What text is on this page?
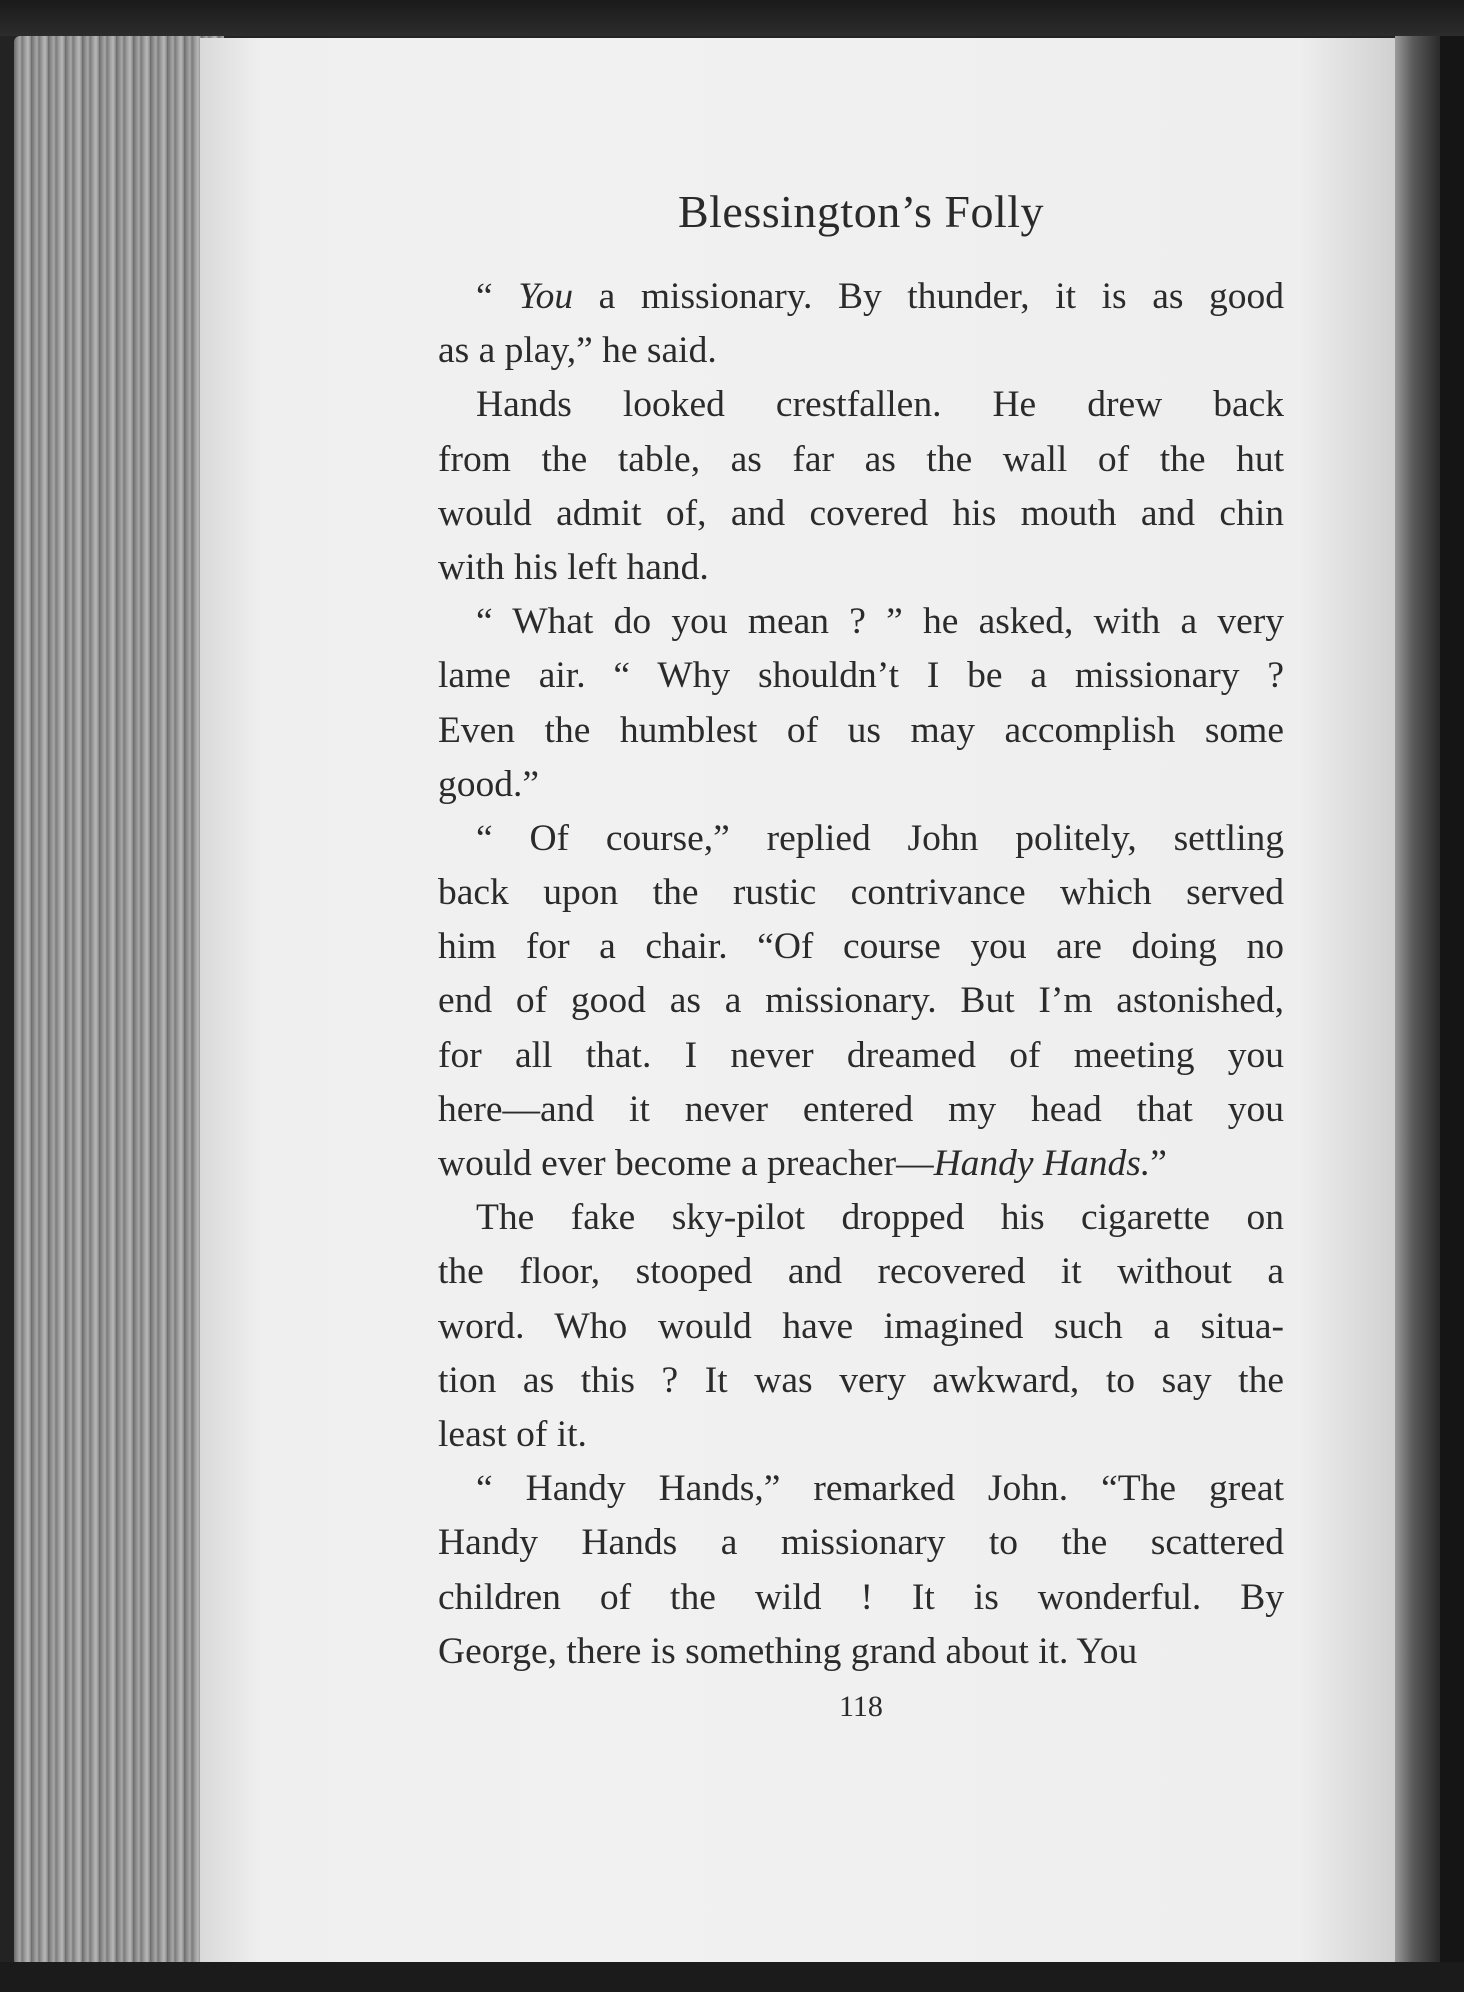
Blessington’s Folly
“ You a missionary. By thunder, it is as good
as a play,” he said.
Hands looked crestfallen. He drew back
from the table, as far as the wall of the hut
would admit of, and covered his mouth and chin
with his left hand.
“ What do you mean ? ” he asked, with a very
lame air. “ Why shouldn’t I be a missionary ?
Even the humblest of us may accomplish some
good.”
“ Of course,” replied John politely, settling
back upon the rustic contrivance which served
him for a chair. “Of course you are doing no
end of good as a missionary. But I’m astonished,
for all that. I never dreamed of meeting you
here—and it never entered my head that you
would ever become a preacher—Handy Hands.”
The fake sky-pilot dropped his cigarette on
the floor, stooped and recovered it without a
word. Who would have imagined such a situa-
tion as this ? It was very awkward, to say the
least of it.
“ Handy Hands,” remarked John. “The great
Handy Hands a missionary to the scattered
children of the wild ! It is wonderful. By
George, there is something grand about it. You
118
